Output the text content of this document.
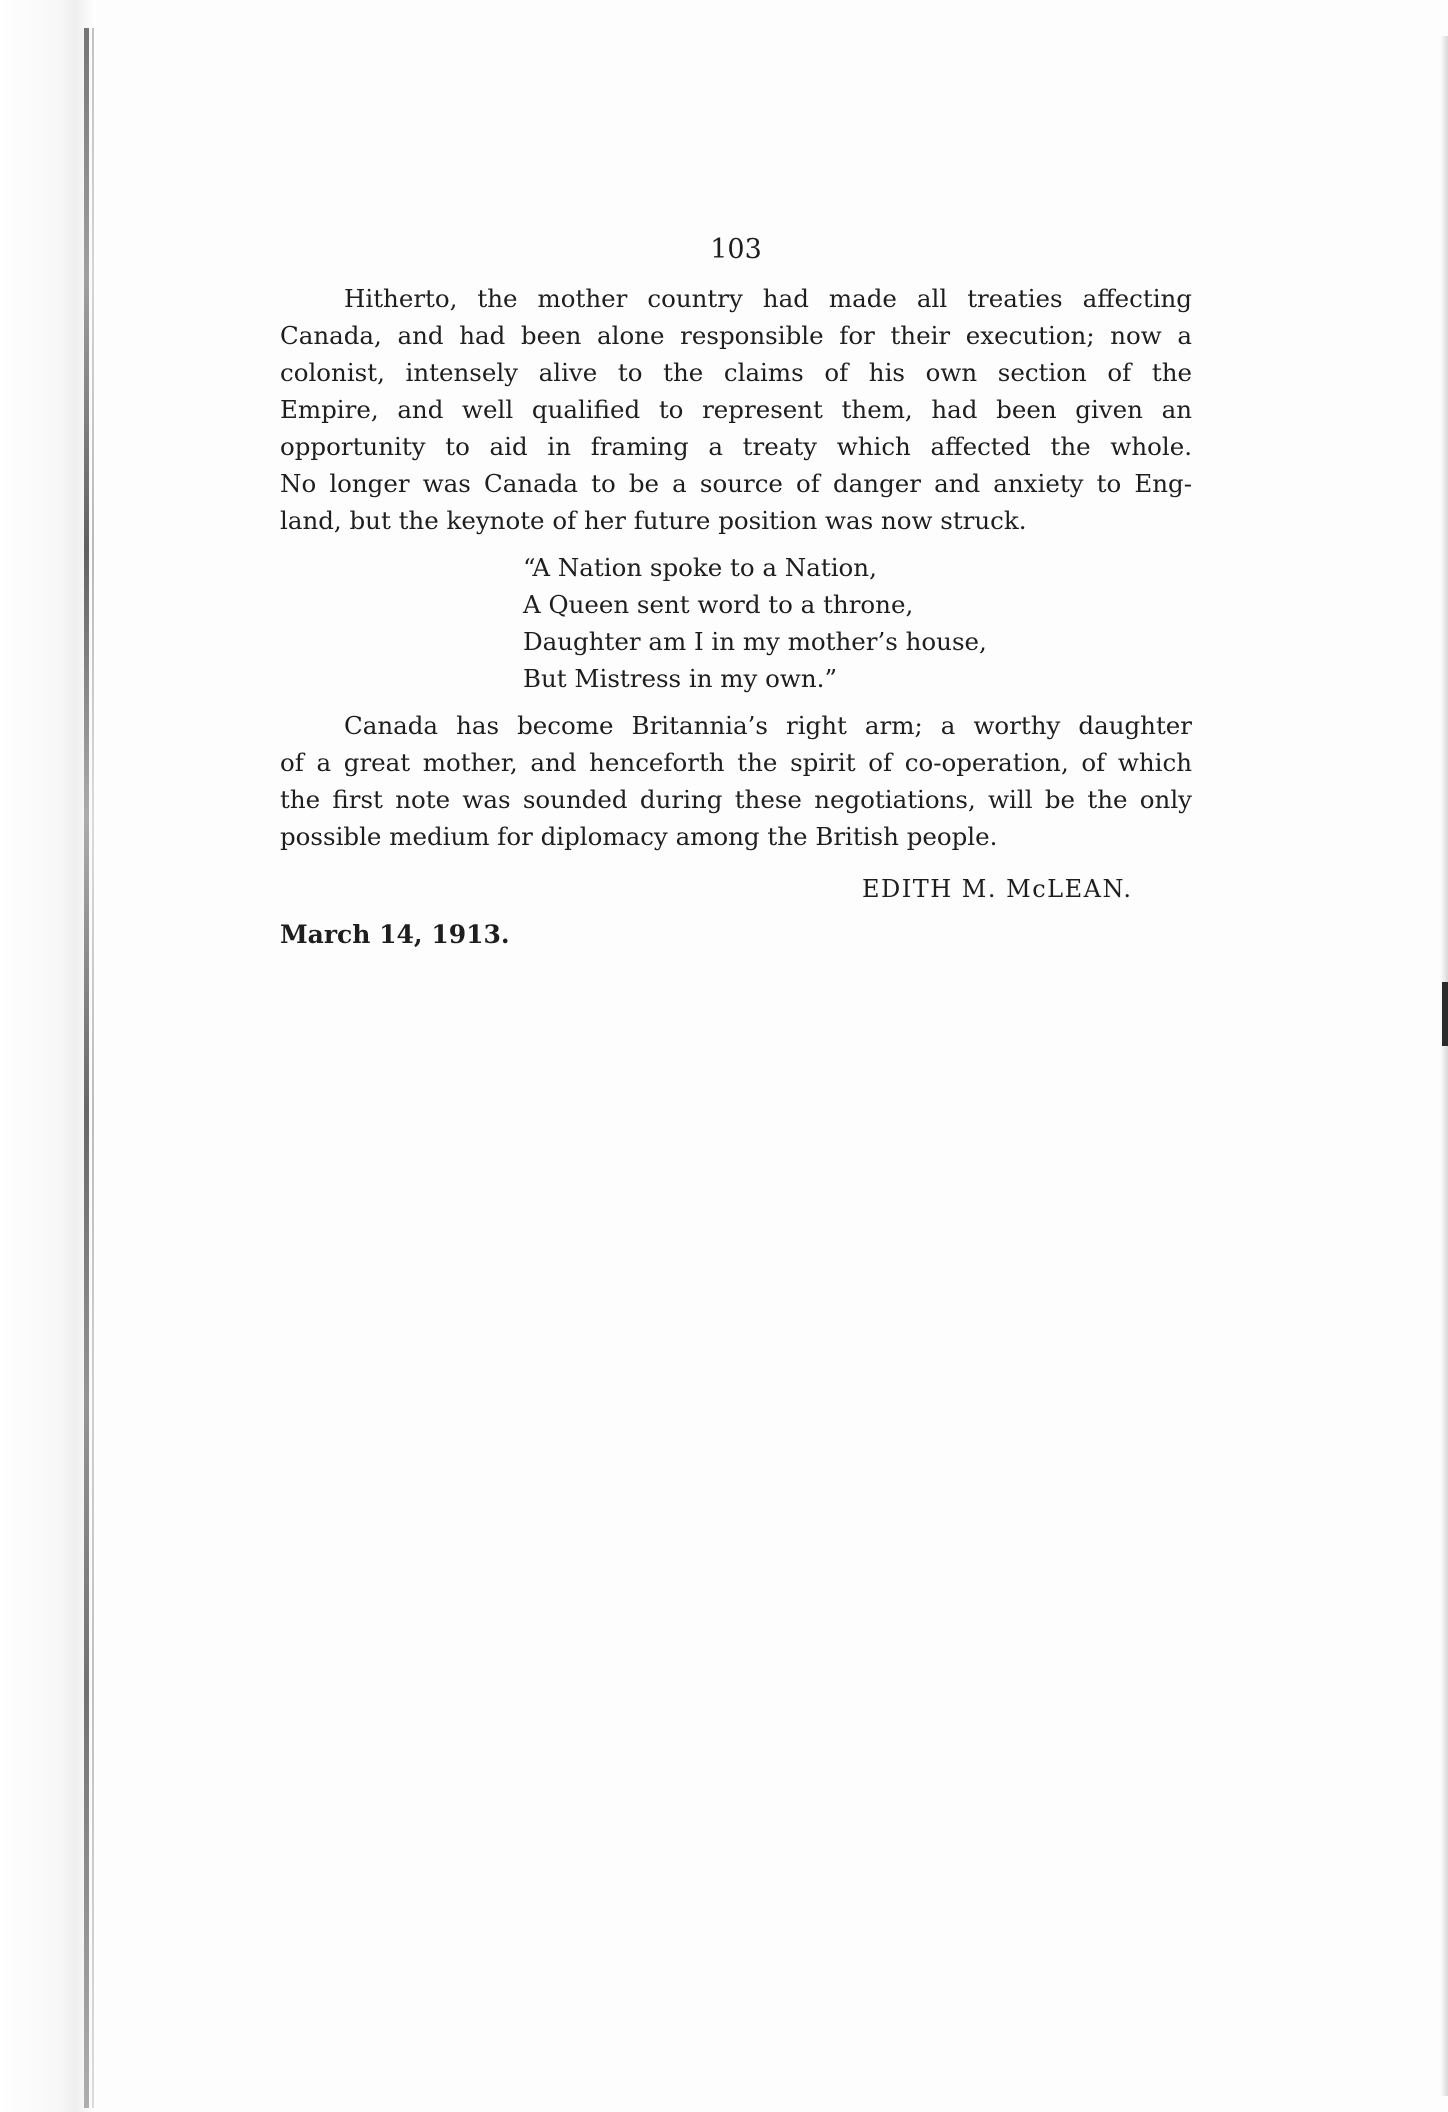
103

Hitherto, the mother country had made all treaties affecting
Canada, and had been alone responsible for their execution; now a
colonist, intensely alive to the claims of his own section of the
Empire, and well qualified to represent them, had been given an
opportunity to aid in framing a treaty which affected the whole.
No longer was Canada to be a source of danger and anxiety to Eng-
land, but the keynote of her future position was now struck.

“A Nation spoke to a Nation,
A Queen sent word to a throne,
Daughter am I in my mother’s house,
But Mistress in my own.”

Canada has become Britannia’s right arm; a worthy daughter
of a great mother, and henceforth the spirit of co-operation, of which
the first note was sounded during these negotiations, will be the only
possible medium for diplomacy among the British people.

EDITH M. McLEAN.
March 14, 1913.
